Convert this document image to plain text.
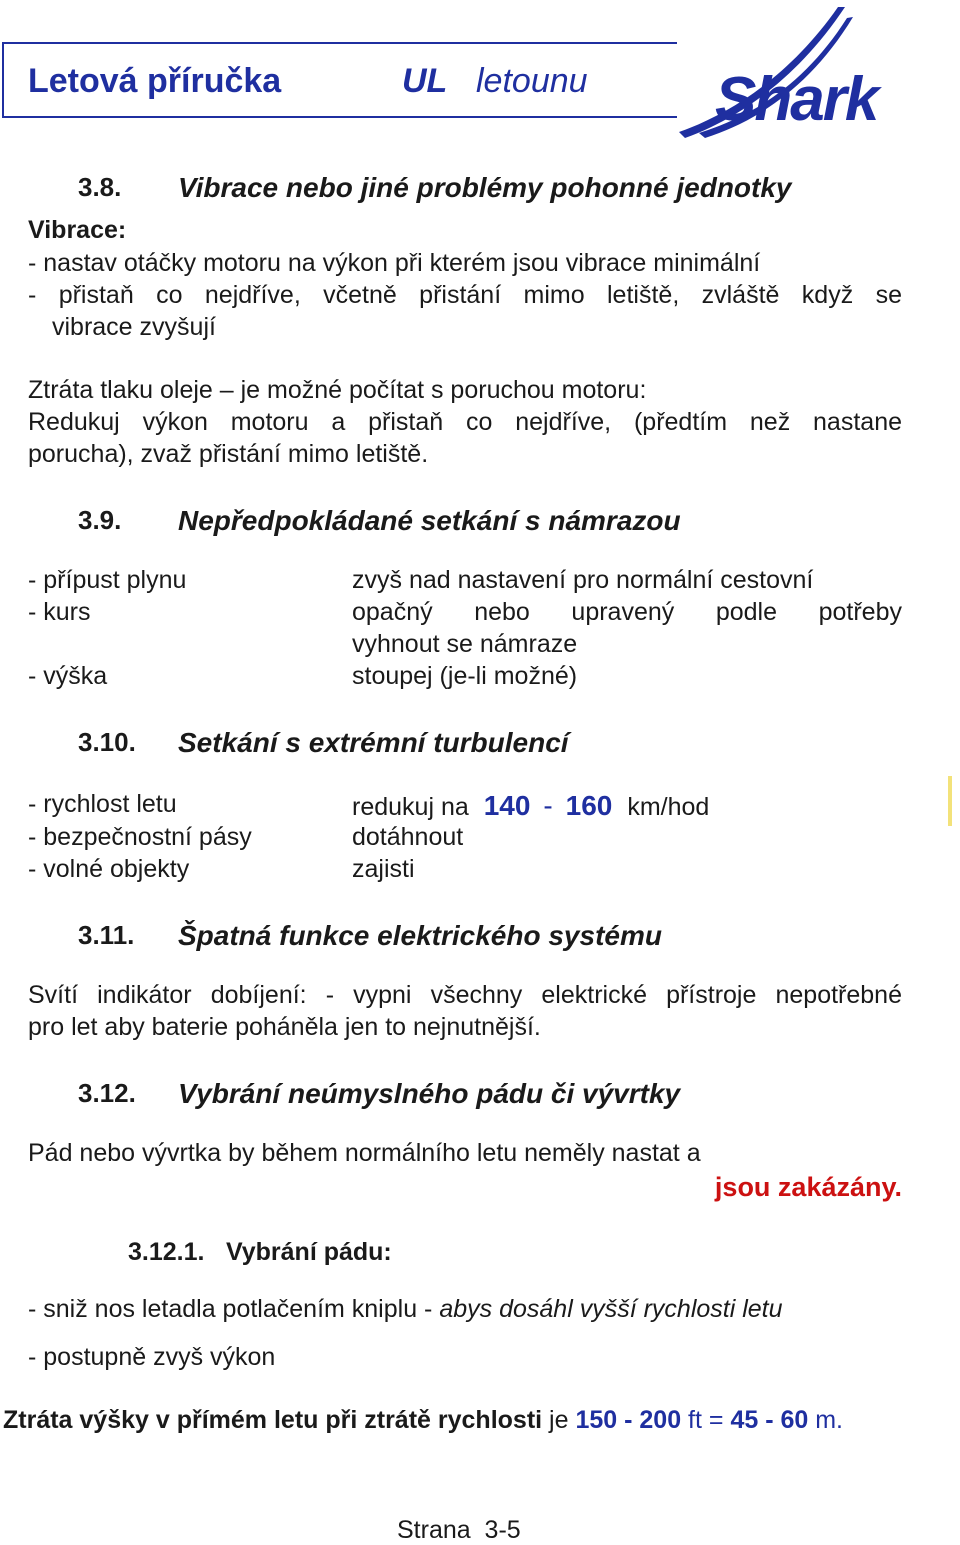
Letová příručka	UL letounu Shark
3.8. Vibrace nebo jiné problémy pohonné jednotky
Vibrace:
- nastav otáčky motoru na výkon při kterém jsou vibrace minimální
- přistaň co nejdříve, včetně přistání mimo letiště, zvláště když se
vibrace zvyšují
Ztráta tlaku oleje – je možné počítat s poruchou motoru:
Redukuj výkon motoru a přistaň co nejdříve, (předtím než nastane
porucha), zvaž přistání mimo letiště.
3.9. Nepředpokládané setkání s námrazou
- přípust plynu	zvyš nad nastavení pro normální cestovní
- kurs	opačný nebo upravený podle potřeby
vyhnout se námraze
- výška	stoupej (je-li možné)
3.10. Setkání s extrémní turbulencí
- rychlost letu	redukuj na 140 - 160 km/hod
- bezpečnostní pásy	dotáhnout
- volné objekty	zajisti
3.11. Špatná funkce elektrického systému
Svítí indikátor dobíjení: - vypni všechny elektrické přístroje nepotřebné
pro let aby baterie poháněla jen to nejnutnější.
3.12. Vybrání neúmyslného pádu či vývrtky
Pád nebo vývrtka by během normálního letu neměly nastat a
jsou zakázány.
3.12.1. Vybrání pádu:
- sniž nos letadla potlačením kniplu - abys dosáhl vyšší rychlosti letu
- postupně zvyš výkon
Ztráta výšky v přímém letu při ztrátě rychlosti je 150 - 200 ft = 45 - 60 m.
Strana  3-5
